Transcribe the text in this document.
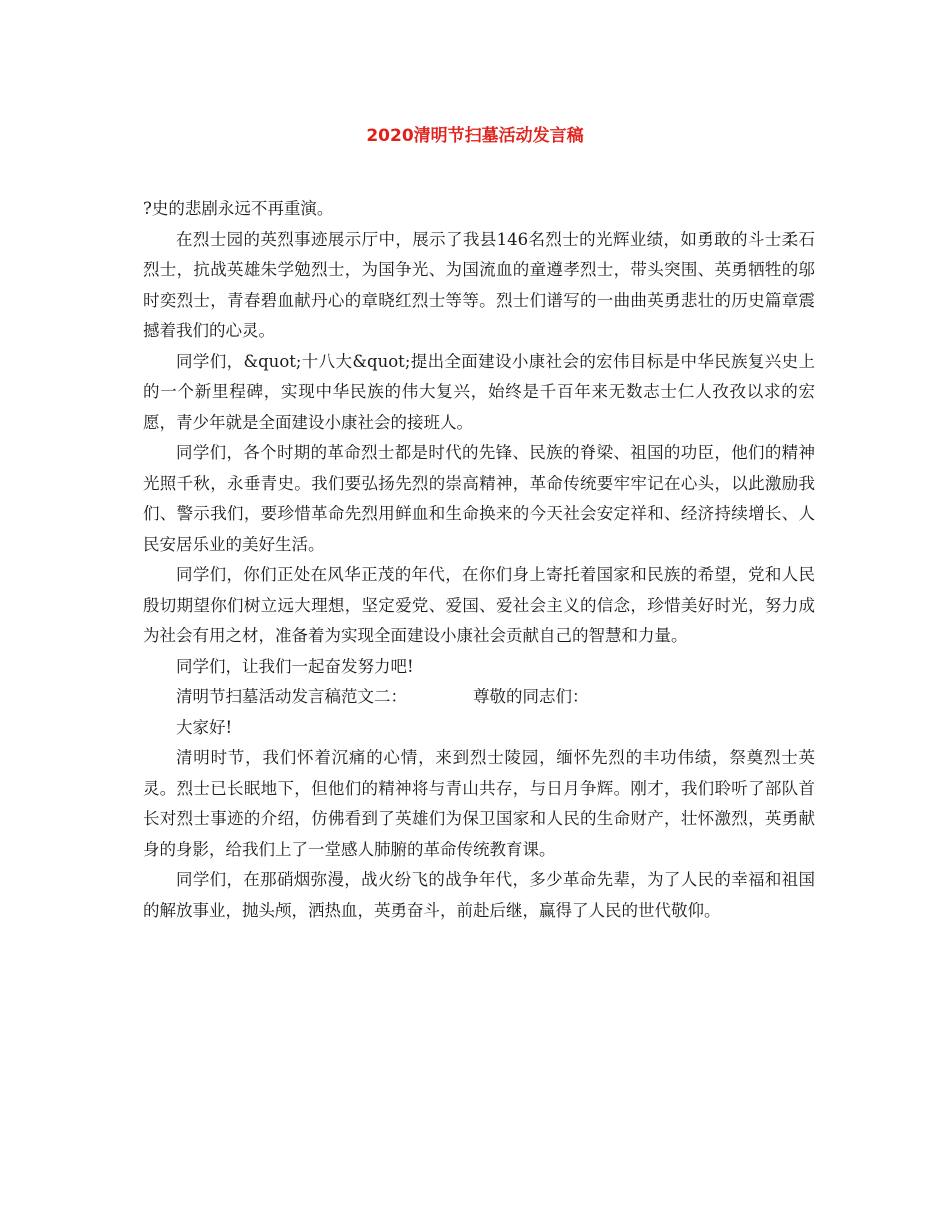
2020清明节扫墓活动发言稿

?史的悲剧永远不再重演。

在烈士园的英烈事迹展示厅中，展示了我县146名烈士的光辉业绩，如勇敢的斗士柔石烈士，抗战英雄朱学勉烈士，为国争光、为国流血的童遵孝烈士，带头突围、英勇牺牲的邬时奕烈士，青春碧血献丹心的章晓红烈士等等。烈士们谱写的一曲曲英勇悲壮的历史篇章震撼着我们的心灵。

同学们，&quot;十八大&quot;提出全面建设小康社会的宏伟目标是中华民族复兴史上的一个新里程碑，实现中华民族的伟大复兴，始终是千百年来无数志士仁人孜孜以求的宏愿，青少年就是全面建设小康社会的接班人。

同学们，各个时期的革命烈士都是时代的先锋、民族的脊梁、祖国的功臣，他们的精神光照千秋，永垂青史。我们要弘扬先烈的崇高精神，革命传统要牢牢记在心头，以此激励我们、警示我们，要珍惜革命先烈用鲜血和生命换来的今天社会安定祥和、经济持续增长、人民安居乐业的美好生活。

同学们，你们正处在风华正茂的年代，在你们身上寄托着国家和民族的希望，党和人民殷切期望你们树立远大理想，坚定爱党、爱国、爱社会主义的信念，珍惜美好时光，努力成为社会有用之材，准备着为实现全面建设小康社会贡献自己的智慧和力量。

同学们，让我们一起奋发努力吧!

清明节扫墓活动发言稿范文二：	尊敬的同志们：

大家好!

清明时节，我们怀着沉痛的心情，来到烈士陵园，缅怀先烈的丰功伟绩，祭奠烈士英灵。烈士已长眠地下，但他们的精神将与青山共存，与日月争辉。刚才，我们聆听了部队首长对烈士事迹的介绍，仿佛看到了英雄们为保卫国家和人民的生命财产，壮怀激烈，英勇献身的身影，给我们上了一堂感人肺腑的革命传统教育课。

同学们，在那硝烟弥漫，战火纷飞的战争年代，多少革命先辈，为了人民的幸福和祖国的解放事业，抛头颅，洒热血，英勇奋斗，前赴后继，赢得了人民的世代敬仰。
